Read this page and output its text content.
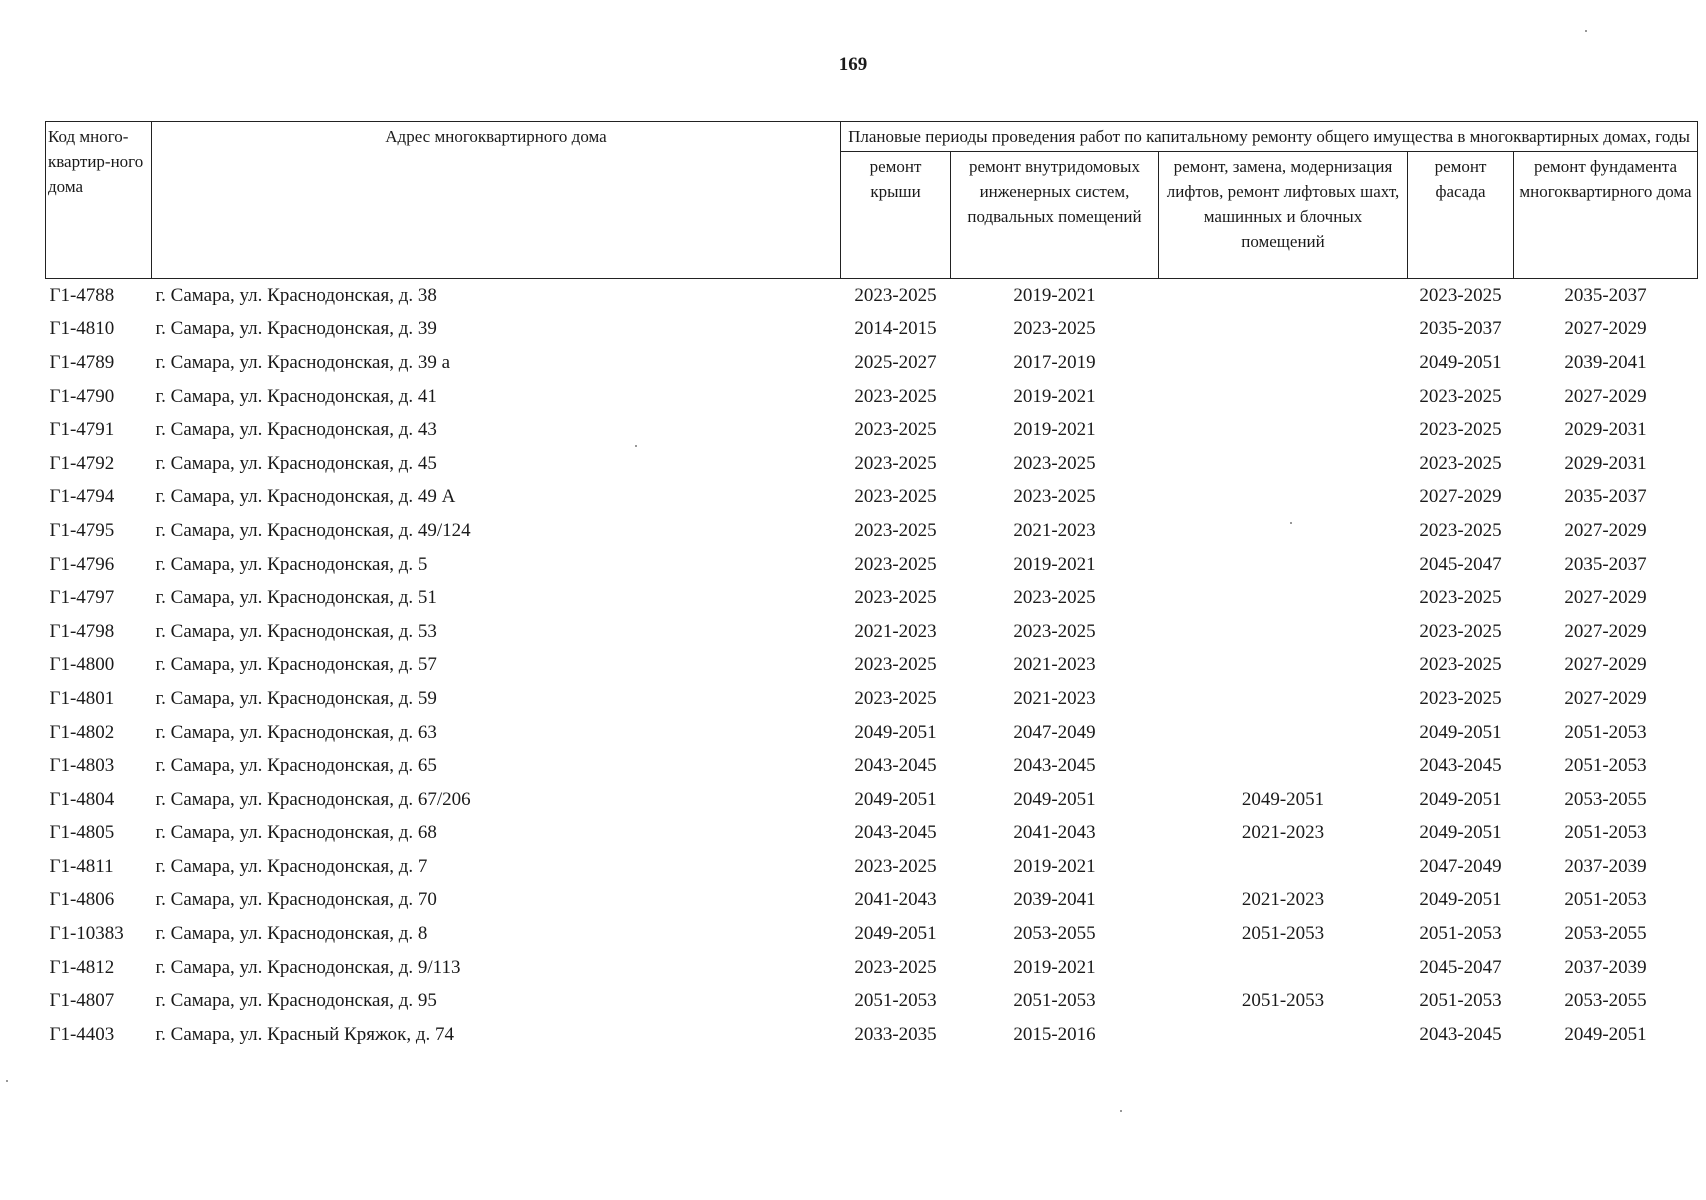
169
Код много-квартир-ного дома	Адрес многоквартирного дома	Плановые периоды проведения работ по капитальному ремонту общего имущества в многоквартирных домах, годы				
		ремонт крыши	ремонт внутридомовых инженерных систем, подвальных помещений	ремонт, замена, модернизация лифтов, ремонт лифтовых шахт, машинных и блочных помещений	ремонт фасада	ремонт фундамента многоквартирного дома
Г1-4788	г. Самара, ул. Краснодонская, д. 38	2023-2025	2019-2021		2023-2025	2035-2037
Г1-4810	г. Самара, ул. Краснодонская, д. 39	2014-2015	2023-2025		2035-2037	2027-2029
Г1-4789	г. Самара, ул. Краснодонская, д. 39 а	2025-2027	2017-2019		2049-2051	2039-2041
Г1-4790	г. Самара, ул. Краснодонская, д. 41	2023-2025	2019-2021		2023-2025	2027-2029
Г1-4791	г. Самара, ул. Краснодонская, д. 43	2023-2025	2019-2021		2023-2025	2029-2031
Г1-4792	г. Самара, ул. Краснодонская, д. 45	2023-2025	2023-2025		2023-2025	2029-2031
Г1-4794	г. Самара, ул. Краснодонская, д. 49 А	2023-2025	2023-2025		2027-2029	2035-2037
Г1-4795	г. Самара, ул. Краснодонская, д. 49/124	2023-2025	2021-2023		2023-2025	2027-2029
Г1-4796	г. Самара, ул. Краснодонская, д. 5	2023-2025	2019-2021		2045-2047	2035-2037
Г1-4797	г. Самара, ул. Краснодонская, д. 51	2023-2025	2023-2025		2023-2025	2027-2029
Г1-4798	г. Самара, ул. Краснодонская, д. 53	2021-2023	2023-2025		2023-2025	2027-2029
Г1-4800	г. Самара, ул. Краснодонская, д. 57	2023-2025	2021-2023		2023-2025	2027-2029
Г1-4801	г. Самара, ул. Краснодонская, д. 59	2023-2025	2021-2023		2023-2025	2027-2029
Г1-4802	г. Самара, ул. Краснодонская, д. 63	2049-2051	2047-2049		2049-2051	2051-2053
Г1-4803	г. Самара, ул. Краснодонская, д. 65	2043-2045	2043-2045		2043-2045	2051-2053
Г1-4804	г. Самара, ул. Краснодонская, д. 67/206	2049-2051	2049-2051	2049-2051	2049-2051	2053-2055
Г1-4805	г. Самара, ул. Краснодонская, д. 68	2043-2045	2041-2043	2021-2023	2049-2051	2051-2053
Г1-4811	г. Самара, ул. Краснодонская, д. 7	2023-2025	2019-2021		2047-2049	2037-2039
Г1-4806	г. Самара, ул. Краснодонская, д. 70	2041-2043	2039-2041	2021-2023	2049-2051	2051-2053
Г1-10383	г. Самара, ул. Краснодонская, д. 8	2049-2051	2053-2055	2051-2053	2051-2053	2053-2055
Г1-4812	г. Самара, ул. Краснодонская, д. 9/113	2023-2025	2019-2021		2045-2047	2037-2039
Г1-4807	г. Самара, ул. Краснодонская, д. 95	2051-2053	2051-2053	2051-2053	2051-2053	2053-2055
Г1-4403	г. Самара, ул. Красный Кряжок, д. 74	2033-2035	2015-2016		2043-2045	2049-2051
